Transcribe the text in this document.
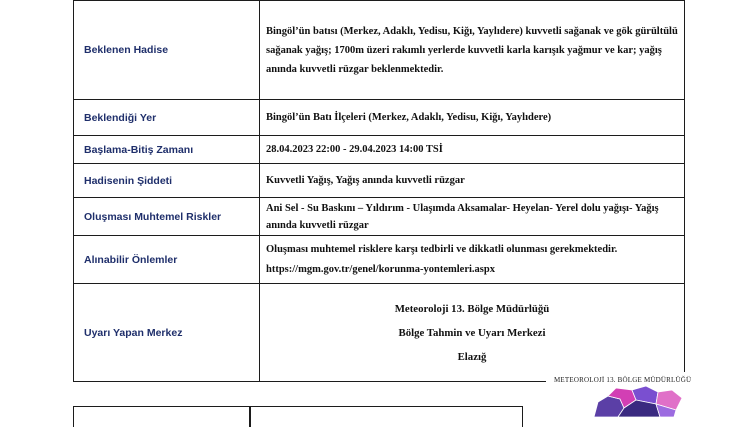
Beklenen Hadise	Bingöl’ün batısı (Merkez, Adaklı, Yedisu, Kiğı, Yaylıdere) kuvvetli sağanak ve gök gürültülü sağanak yağış; 1700m üzeri rakımlı yerlerde kuvvetli karla karışık yağmur ve kar; yağış anında kuvvetli rüzgar beklenmektedir.
Beklendiği Yer	Bingöl’ün Batı İlçeleri (Merkez, Adaklı, Yedisu, Kiğı, Yaylıdere)
Başlama-Bitiş Zamanı	28.04.2023 22:00 - 29.04.2023 14:00 TSİ
Hadisenin Şiddeti	Kuvvetli Yağış, Yağış anında kuvvetli rüzgar
Oluşması Muhtemel Riskler	Ani Sel - Su Baskını – Yıldırım - Ulaşımda Aksamalar- Heyelan- Yerel dolu yağışı- Yağış anında kuvvetli rüzgar
Alınabilir Önlemler	Oluşması muhtemel risklere karşı tedbirli ve dikkatli olunması gerekmektedir. https://mgm.gov.tr/genel/korunma-yontemleri.aspx
Uyarı Yapan Merkez	Meteoroloji 13. Bölge Müdürlüğü
Bölge Tahmin ve Uyarı Merkezi
Elazığ
METEOROLOJİ 13. BÖLGE MÜDÜRLÜĞÜ
